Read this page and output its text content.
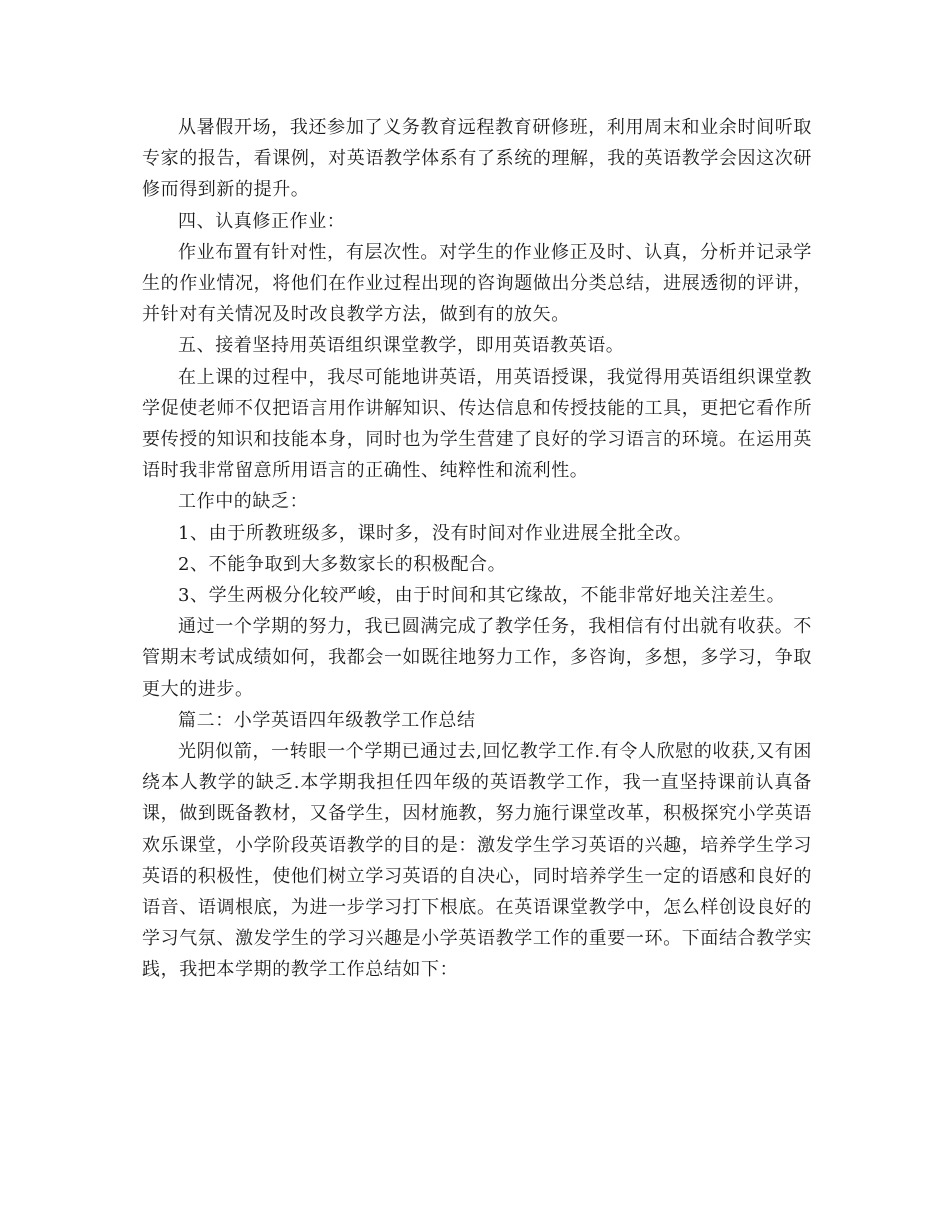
从暑假开场，我还参加了义务教育远程教育研修班，利用周末和业余时间听取专家的报告，看课例，对英语教学体系有了系统的理解，我的英语教学会因这次研修而得到新的提升。

四、认真修正作业：

作业布置有针对性，有层次性。对学生的作业修正及时、认真，分析并记录学生的作业情况，将他们在作业过程出现的咨询题做出分类总结，进展透彻的评讲，并针对有关情况及时改良教学方法，做到有的放矢。

五、接着坚持用英语组织课堂教学，即用英语教英语。

在上课的过程中，我尽可能地讲英语，用英语授课，我觉得用英语组织课堂教学促使老师不仅把语言用作讲解知识、传达信息和传授技能的工具，更把它看作所要传授的知识和技能本身，同时也为学生营建了良好的学习语言的环境。在运用英语时我非常留意所用语言的正确性、纯粹性和流利性。

工作中的缺乏：

1、由于所教班级多，课时多，没有时间对作业进展全批全改。

2、不能争取到大多数家长的积极配合。

3、学生两极分化较严峻，由于时间和其它缘故，不能非常好地关注差生。

通过一个学期的努力，我已圆满完成了教学任务，我相信有付出就有收获。不管期末考试成绩如何，我都会一如既往地努力工作，多咨询，多想，多学习，争取更大的进步。

篇二：小学英语四年级教学工作总结

光阴似箭，一转眼一个学期已通过去,回忆教学工作.有令人欣慰的收获,又有困绕本人教学的缺乏.本学期我担任四年级的英语教学工作，我一直坚持课前认真备课，做到既备教材，又备学生，因材施教，努力施行课堂改革，积极探究小学英语欢乐课堂，小学阶段英语教学的目的是：激发学生学习英语的兴趣，培养学生学习英语的积极性，使他们树立学习英语的自决心，同时培养学生一定的语感和良好的语音、语调根底，为进一步学习打下根底。在英语课堂教学中，怎么样创设良好的学习气氛、激发学生的学习兴趣是小学英语教学工作的重要一环。下面结合教学实践，我把本学期的教学工作总结如下：
